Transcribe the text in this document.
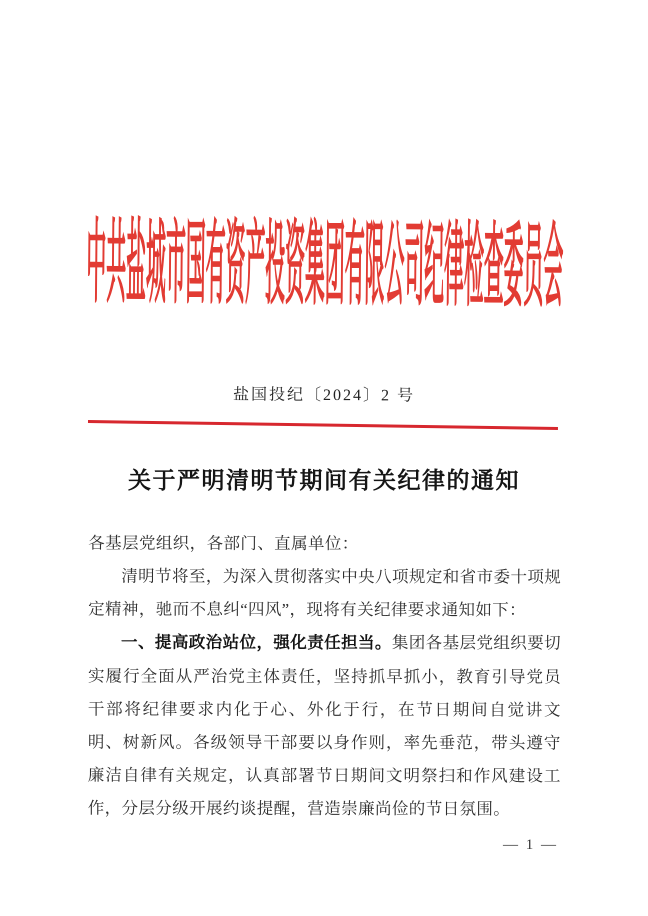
中共盐城市国有资产投资集团有限公司纪律检查委员会
盐国投纪〔2024〕2 号
关于严明清明节期间有关纪律的通知

各基层党组织，各部门、直属单位：

清明节将至，为深入贯彻落实中央八项规定和省市委十项规定精神，驰而不息纠“四风”，现将有关纪律要求通知如下：

一、提高政治站位，强化责任担当。集团各基层党组织要切实履行全面从严治党主体责任，坚持抓早抓小，教育引导党员干部将纪律要求内化于心、外化于行，在节日期间自觉讲文明、树新风。各级领导干部要以身作则，率先垂范，带头遵守廉洁自律有关规定，认真部署节日期间文明祭扫和作风建设工作，分层分级开展约谈提醒，营造崇廉尚俭的节日氛围。

— 1 —
